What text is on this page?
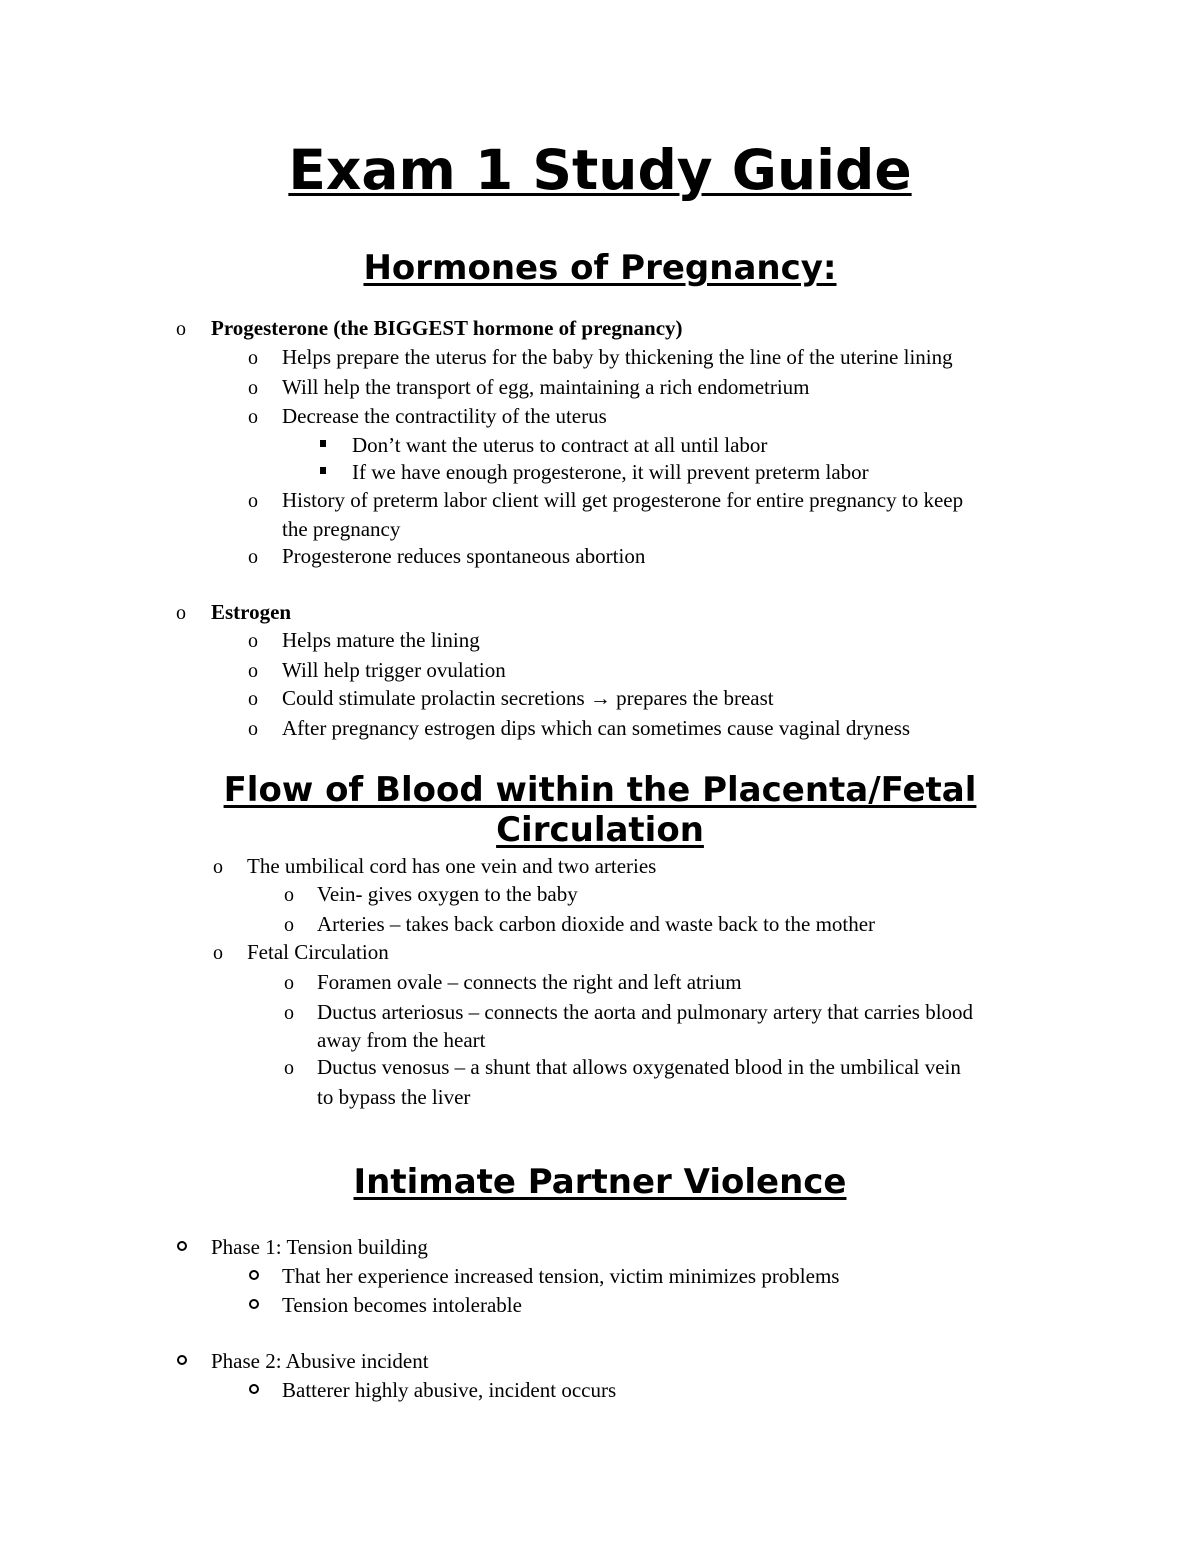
Exam 1 Study Guide
Hormones of Pregnancy:
o Progesterone (the BIGGEST hormone of pregnancy)
o Helps prepare the uterus for the baby by thickening the line of the uterine lining
o Will help the transport of egg, maintaining a rich endometrium
o Decrease the contractility of the uterus
Don’t want the uterus to contract at all until labor
If we have enough progesterone, it will prevent preterm labor
o History of preterm labor client will get progesterone for entire pregnancy to keep
the pregnancy
o Progesterone reduces spontaneous abortion
o Estrogen
o Helps mature the lining
o Will help trigger ovulation
o Could stimulate prolactin secretions → prepares the breast
o After pregnancy estrogen dips which can sometimes cause vaginal dryness
Flow of Blood within the Placenta/Fetal
Circulation
o The umbilical cord has one vein and two arteries
o Vein- gives oxygen to the baby
o Arteries – takes back carbon dioxide and waste back to the mother
o Fetal Circulation
o Foramen ovale – connects the right and left atrium
o Ductus arteriosus – connects the aorta and pulmonary artery that carries blood
away from the heart
o Ductus venosus – a shunt that allows oxygenated blood in the umbilical vein
to bypass the liver
Intimate Partner Violence
Phase 1: Tension building
That her experience increased tension, victim minimizes problems
Tension becomes intolerable
Phase 2: Abusive incident
Batterer highly abusive, incident occurs
